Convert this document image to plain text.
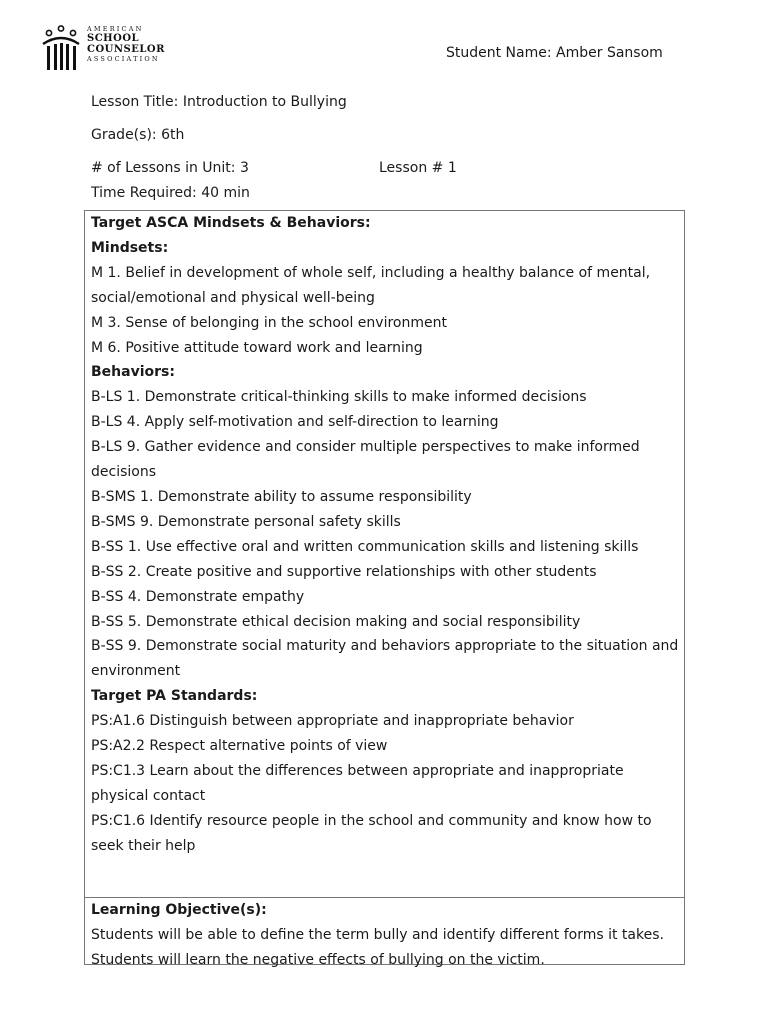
AMERICAN
SCHOOL
COUNSELOR
ASSOCIATION	Student Name: Amber Sansom
Lesson Title: Introduction to Bullying
Grade(s): 6th
# of Lessons in Unit: 3	Lesson # 1
Time Required: 40 min
Target ASCA Mindsets & Behaviors:
Mindsets:
M 1. Belief in development of whole self, including a healthy balance of mental,
social/emotional and physical well-being
M 3. Sense of belonging in the school environment
M 6. Positive attitude toward work and learning
Behaviors:
B-LS 1. Demonstrate critical-thinking skills to make informed decisions
B-LS 4. Apply self-motivation and self-direction to learning
B-LS 9. Gather evidence and consider multiple perspectives to make informed
decisions
B-SMS 1. Demonstrate ability to assume responsibility
B-SMS 9. Demonstrate personal safety skills
B-SS 1. Use effective oral and written communication skills and listening skills
B-SS 2. Create positive and supportive relationships with other students
B-SS 4. Demonstrate empathy
B-SS 5. Demonstrate ethical decision making and social responsibility
B-SS 9. Demonstrate social maturity and behaviors appropriate to the situation and
environment
Target PA Standards:
PS:A1.6 Distinguish between appropriate and inappropriate behavior
PS:A2.2 Respect alternative points of view
PS:C1.3 Learn about the differences between appropriate and inappropriate
physical contact
PS:C1.6 Identify resource people in the school and community and know how to
seek their help
Learning Objective(s):
Students will be able to define the term bully and identify different forms it takes.
Students will learn the negative effects of bullying on the victim.
